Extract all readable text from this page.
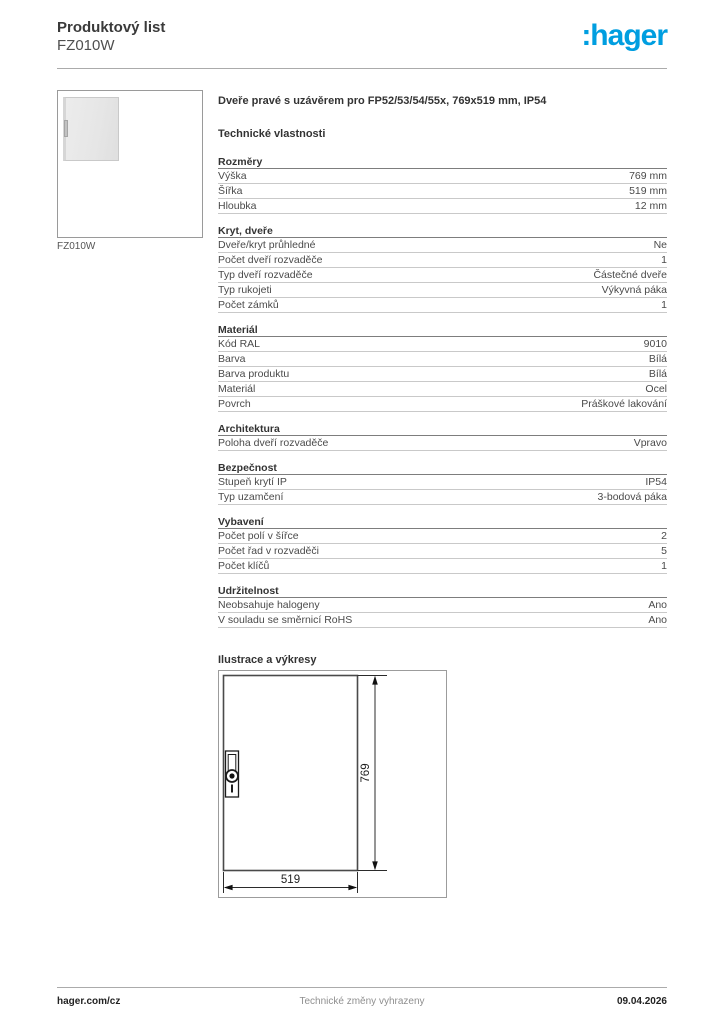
Produktový list
FZ010W	:hager
FZ010W
Dveře pravé s uzávěrem pro FP52/53/54/55x, 769x519 mm, IP54
Technické vlastnosti
Rozměry
Výška	769 mm
Šířka	519 mm
Hloubka	12 mm
Kryt, dveře
Dveře/kryt průhledné	Ne
Počet dveří rozvaděče	1
Typ dveří rozvaděče	Částečné dveře
Typ rukojeti	Výkyvná páka
Počet zámků	1
Materiál
Kód RAL	9010
Barva	Bílá
Barva produktu	Bílá
Materiál	Ocel
Povrch	Práškové lakování
Architektura
Poloha dveří rozvaděče	Vpravo
Bezpečnost
Stupeň krytí IP	IP54
Typ uzamčení	3-bodová páka
Vybavení
Počet polí v šířce	2
Počet řad v rozvaděči	5
Počet klíčů	1
Udržitelnost
Neobsahuje halogeny	Ano
V souladu se směrnicí RoHS	Ano
Ilustrace a výkresy
769
519
hager.com/cz	Technické změny vyhrazeny	09.04.2026
